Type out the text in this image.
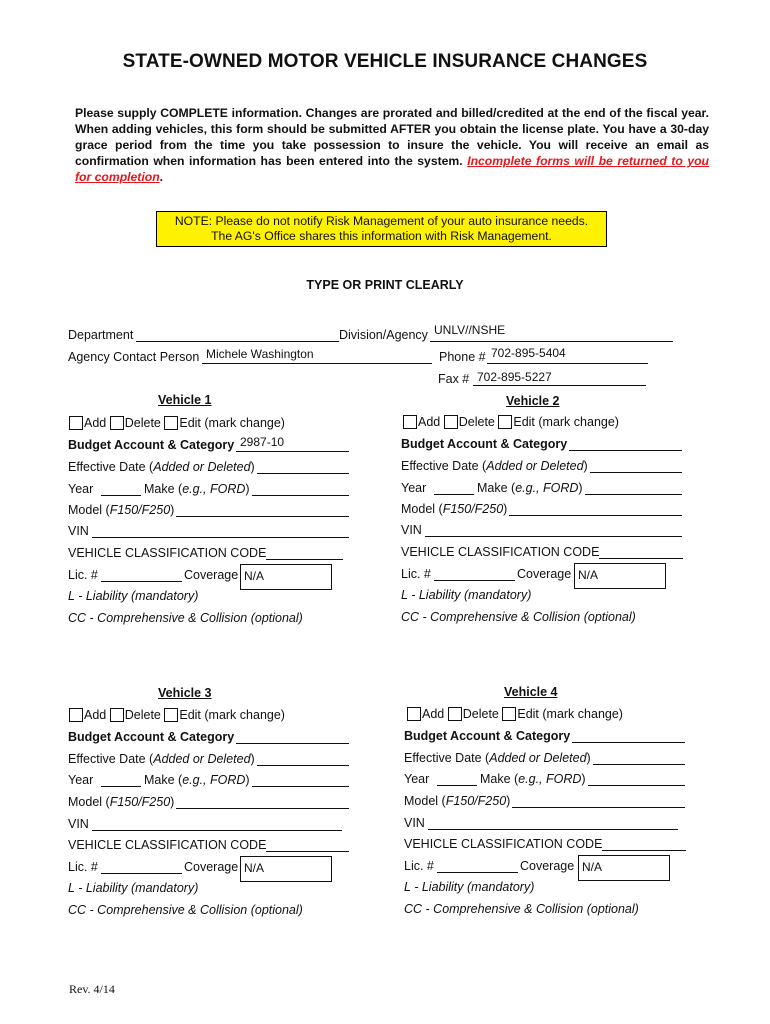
STATE-OWNED MOTOR VEHICLE INSURANCE CHANGES
Please supply COMPLETE information. Changes are prorated and billed/credited at the end of the fiscal year. When adding vehicles, this form should be submitted AFTER you obtain the license plate. You have a 30-day grace period from the time you take possession to insure the vehicle. You will receive an email as confirmation when information has been entered into the system. Incomplete forms will be returned to you for completion.
NOTE: Please do not notify Risk Management of your auto insurance needs.
The AG's Office shares this information with Risk Management.
TYPE OR PRINT CLEARLY
Department	Division/Agency UNLV//NSHE
Agency Contact Person Michele Washington	Phone # 702-895-5404
Fax # 702-895-5227
Vehicle 1
Add Delete Edit (mark change)
Budget Account & Category 2987-10
Effective Date (Added or Deleted)
Year	Make (e.g., FORD)
Model (F150/F250)
VIN
VEHICLE CLASSIFICATION CODE
Lic. #	Coverage N/A
L - Liability (mandatory)
CC - Comprehensive & Collision (optional)
Vehicle 2
Add Delete Edit (mark change)
Budget Account & Category
Effective Date (Added or Deleted)
Year	Make (e.g., FORD)
Model (F150/F250)
VIN
VEHICLE CLASSIFICATION CODE
Lic. #	Coverage N/A
L - Liability (mandatory)
CC - Comprehensive & Collision (optional)
Vehicle 3
Add Delete Edit (mark change)
Budget Account & Category
Effective Date (Added or Deleted)
Year	Make (e.g., FORD)
Model (F150/F250)
VIN
VEHICLE CLASSIFICATION CODE
Lic. #	Coverage N/A
L - Liability (mandatory)
CC - Comprehensive & Collision (optional)
Vehicle 4
Add Delete Edit (mark change)
Budget Account & Category
Effective Date (Added or Deleted)
Year	Make (e.g., FORD)
Model (F150/F250)
VIN
VEHICLE CLASSIFICATION CODE
Lic. #	Coverage N/A
L - Liability (mandatory)
CC - Comprehensive & Collision (optional)
Rev. 4/14
